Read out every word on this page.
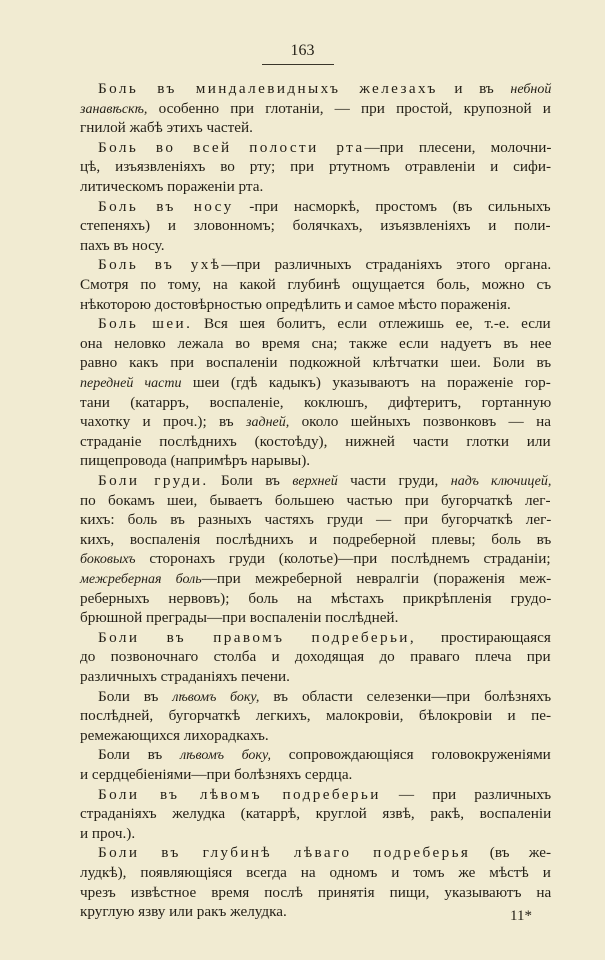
163
Боль въ миндалевидныхъ железахъ и въ небной
занавѣскѣ, особенно при глотаніи, — при простой, крупозной и
гнилой жабѣ этихъ частей.
Боль во всей полости рта—при плесени, молочни-
цѣ, изъязвленіяхъ во рту; при ртутномъ отравленіи и сифи-
литическомъ пораженіи рта.
Боль въ носу -при насморкѣ, простомъ (въ сильныхъ
степеняхъ) и зловонномъ; болячкахъ, изъязвленіяхъ и поли-
пахъ въ носу.
Боль въ ухѣ—при различныхъ страданіяхъ этого органа.
Смотря по тому, на какой глубинѣ ощущается боль, можно съ
нѣкоторою достовѣрностью опредѣлить и самое мѣсто пораженія.
Боль шеи. Вся шея болитъ, если отлежишь ее, т.-е. если
она неловко лежала во время сна; также если надуетъ въ нее
равно какъ при воспаленіи подкожной клѣтчатки шеи. Боли въ
передней части шеи (гдѣ кадыкъ) указываютъ на пораженіе гор-
тани (катарръ, воспаленіе, коклюшъ, дифтеритъ, гортанную
чахотку и проч.); въ задней, около шейныхъ позвонковъ — на
страданіе послѣднихъ (костоѣду), нижней части глотки или
пищепровода (напримѣръ нарывы).
Боли груди. Боли въ верхней части груди, надъ ключицей,
по бокамъ шеи, бываетъ большею частью при бугорчаткѣ лег-
кихъ: боль въ разныхъ частяхъ груди — при бугорчаткѣ лег-
кихъ, воспаленія послѣднихъ и подреберной плевы; боль въ
боковыхъ сторонахъ груди (колотье)—при послѣднемъ страданіи;
межреберная боль—при межреберной невралгіи (пораженія меж-
реберныхъ нервовъ); боль на мѣстахъ прикрѣпленія грудо-
брюшной преграды—при воспаленіи послѣдней.
Боли въ правомъ подреберьи, простирающаяся
до позвоночнаго столба и доходящая до праваго плеча при
различныхъ страданіяхъ печени.
Боли въ лѣвомъ боку, въ области селезенки—при болѣзняхъ
послѣдней, бугорчаткѣ легкихъ, малокровіи, бѣлокровіи и пе-
ремежающихся лихорадкахъ.
Боли въ лѣвомъ боку, сопровождающіяся головокруженіями
и сердцебіеніями—при болѣзняхъ сердца.
Боли въ лѣвомъ подреберьи — при различныхъ
страданіяхъ желудка (катаррѣ, круглой язвѣ, ракѣ, воспаленіи
и проч.).
Боли въ глубинѣ лѣваго подреберья (въ же-
лудкѣ), появляющіяся всегда на одномъ и томъ же мѣстѣ и
чрезъ извѣстное время послѣ принятія пищи, указываютъ на
круглую язву или ракъ желудка.	11*
